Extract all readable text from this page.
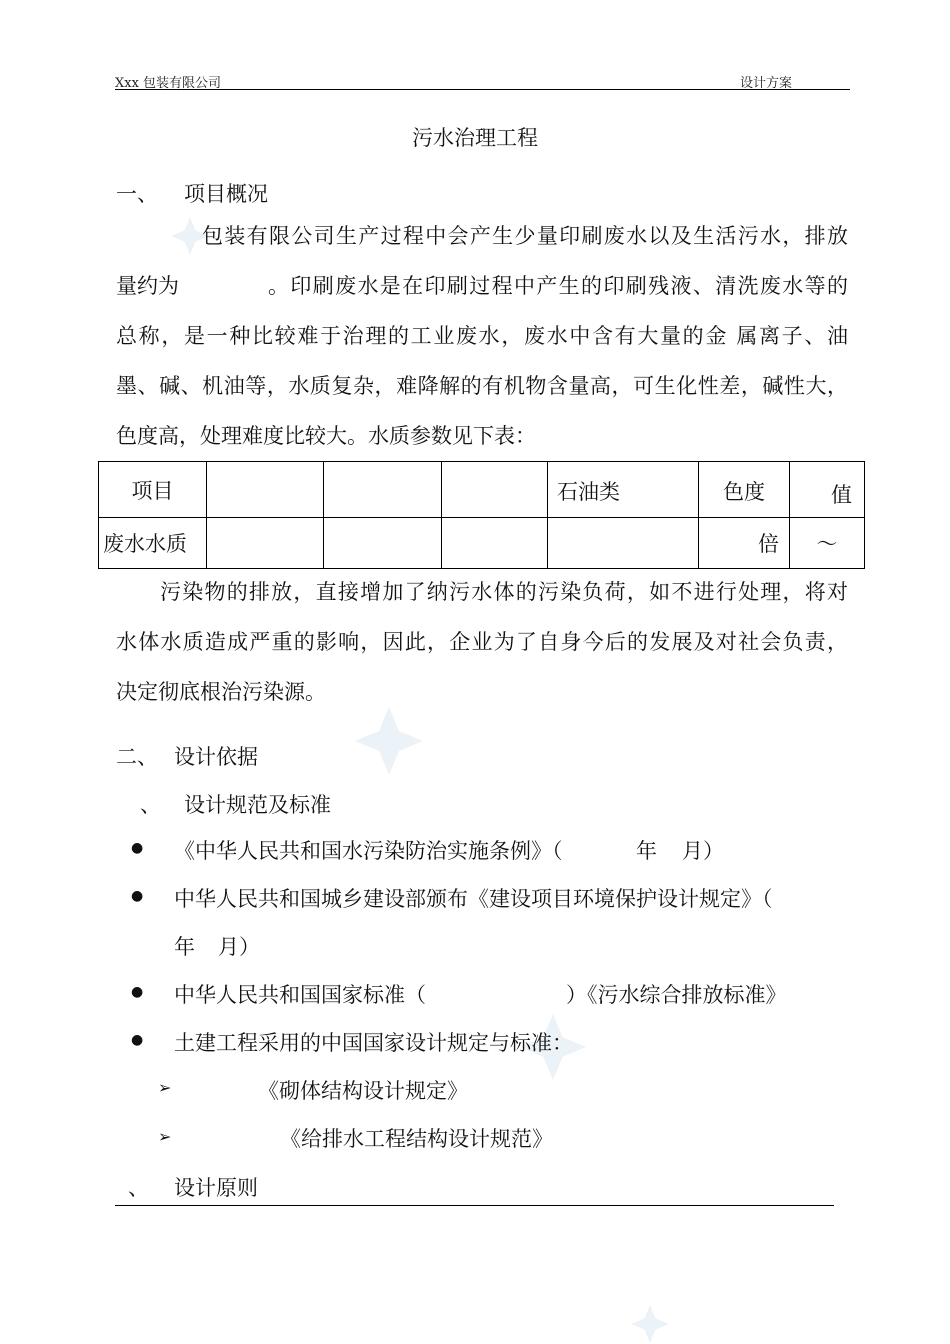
Xxx 包装有限公司	设计方案
污水治理工程
一、 项目概况
包装有限公司生产过程中会产生少量印刷废水以及生活污水，排放
量约为	。印刷废水是在印刷过程中产生的印刷残液、清洗废水等的
总称，是一种比较难于治理的工业废水，废水中含有大量的金 属离子、油
墨、碱、机油等，水质复杂，难降解的有机物含量高，可生化性差，碱性大，
色度高，处理难度比较大。水质参数见下表：
项目				石油类	色度	值
废水水质					倍	～
污染物的排放，直接增加了纳污水体的污染负荷，如不进行处理，将对
水体水质造成严重的影响，因此，企业为了自身今后的发展及对社会负责，
决定彻底根治污染源。
二、 设计依据
、 设计规范及标准
● 《中华人民共和国水污染防治实施条例》（	年 月）
● 中华人民共和国城乡建设部颁布《建设项目环境保护设计规定》（
年 月）
● 中华人民共和国国家标准（	）《污水综合排放标准》
● 土建工程采用的中国国家设计规定与标准：
➢	《砌体结构设计规定》
➢	《给排水工程结构设计规范》
、 设计原则
